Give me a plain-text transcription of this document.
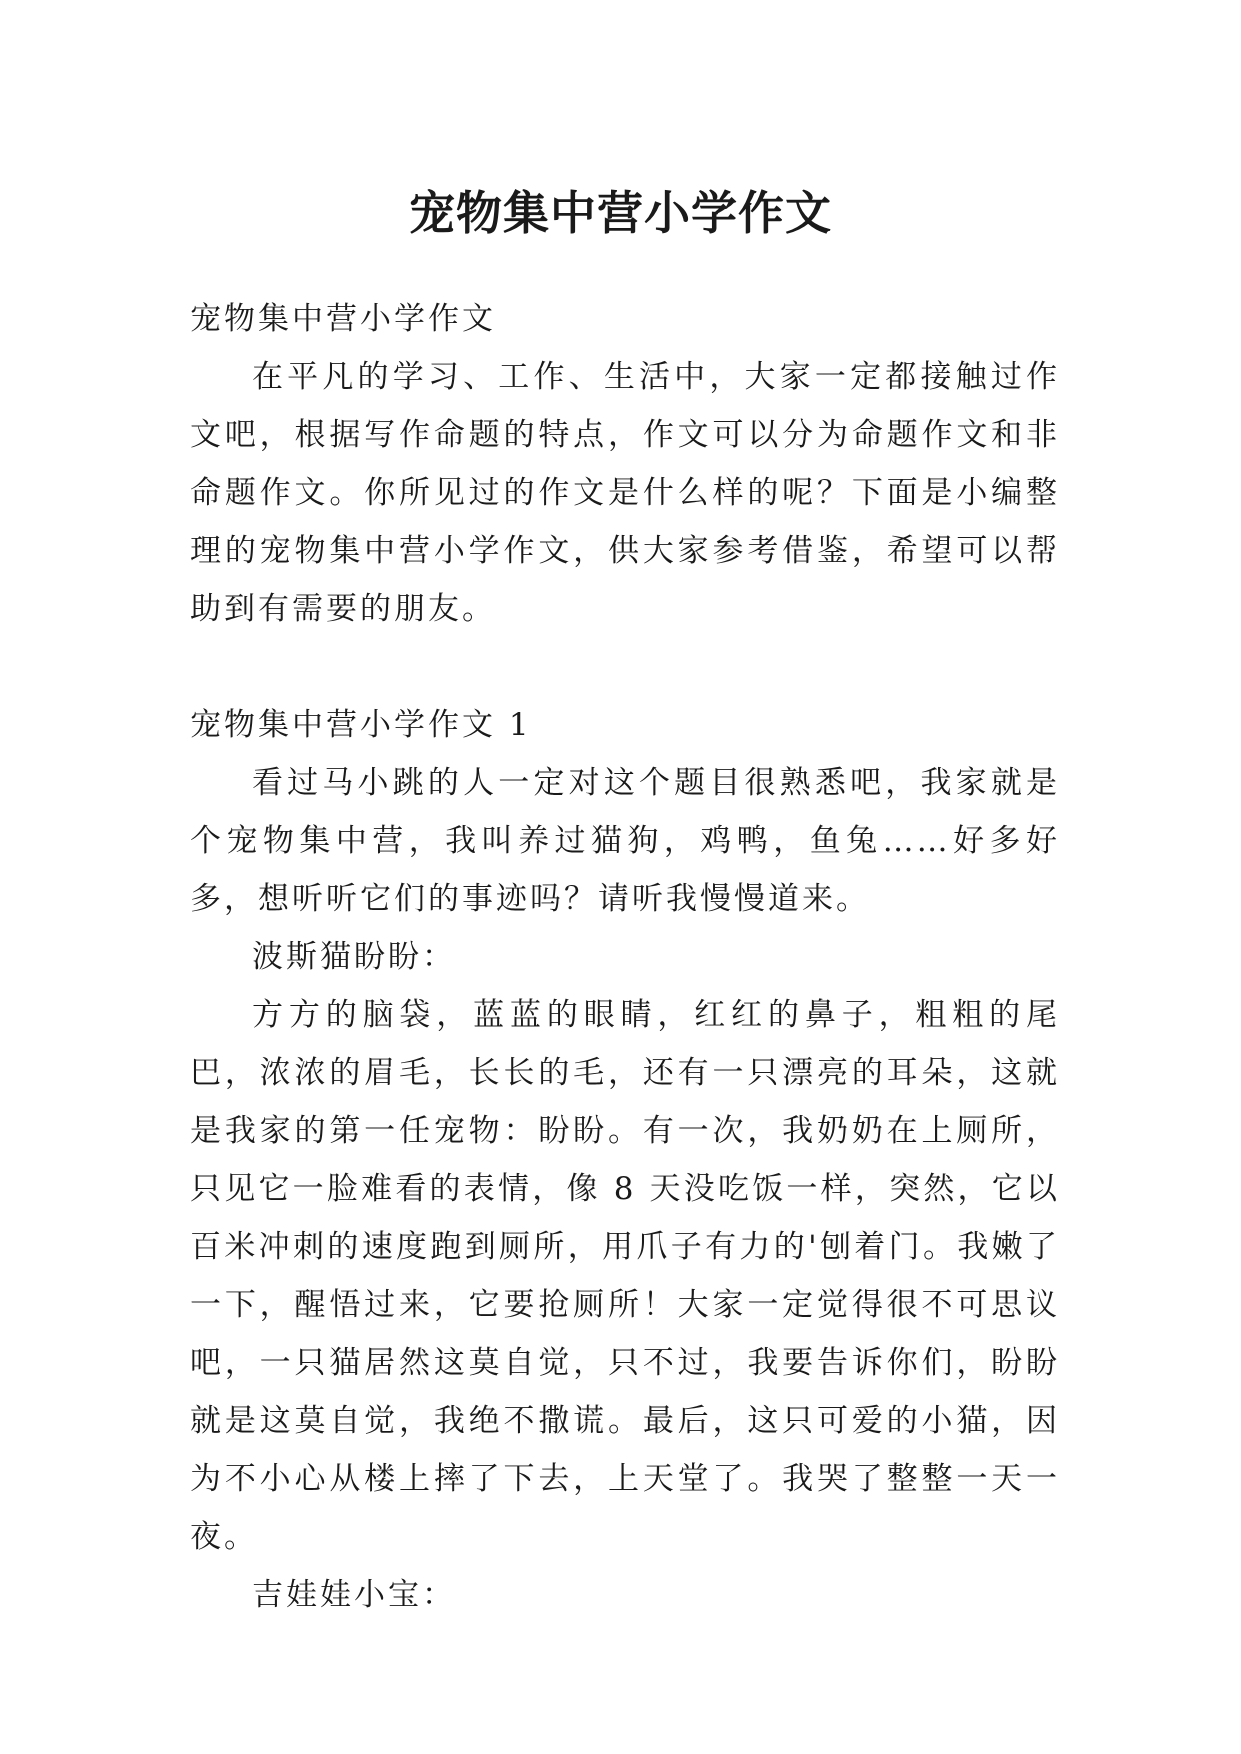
宠物集中营小学作文

宠物集中营小学作文

在平凡的学习、工作、生活中，大家一定都接触过作文吧，根据写作命题的特点，作文可以分为命题作文和非命题作文。你所见过的作文是什么样的呢？下面是小编整理的宠物集中营小学作文，供大家参考借鉴，希望可以帮助到有需要的朋友。

宠物集中营小学作文 1

看过马小跳的人一定对这个题目很熟悉吧，我家就是个宠物集中营，我叫养过猫狗，鸡鸭，鱼兔……好多好多，想听听它们的事迹吗？请听我慢慢道来。

波斯猫盼盼：

方方的脑袋，蓝蓝的眼睛，红红的鼻子，粗粗的尾巴，浓浓的眉毛，长长的毛，还有一只漂亮的耳朵，这就是我家的第一任宠物：盼盼。有一次，我奶奶在上厕所，只见它一脸难看的表情，像 8 天没吃饭一样，突然，它以百米冲刺的速度跑到厕所，用爪子有力的'刨着门。我嫩了一下，醒悟过来，它要抢厕所！大家一定觉得很不可思议吧，一只猫居然这莫自觉，只不过，我要告诉你们，盼盼就是这莫自觉，我绝不撒谎。最后，这只可爱的小猫，因为不小心从楼上摔了下去，上天堂了。我哭了整整一天一夜。

吉娃娃小宝：
